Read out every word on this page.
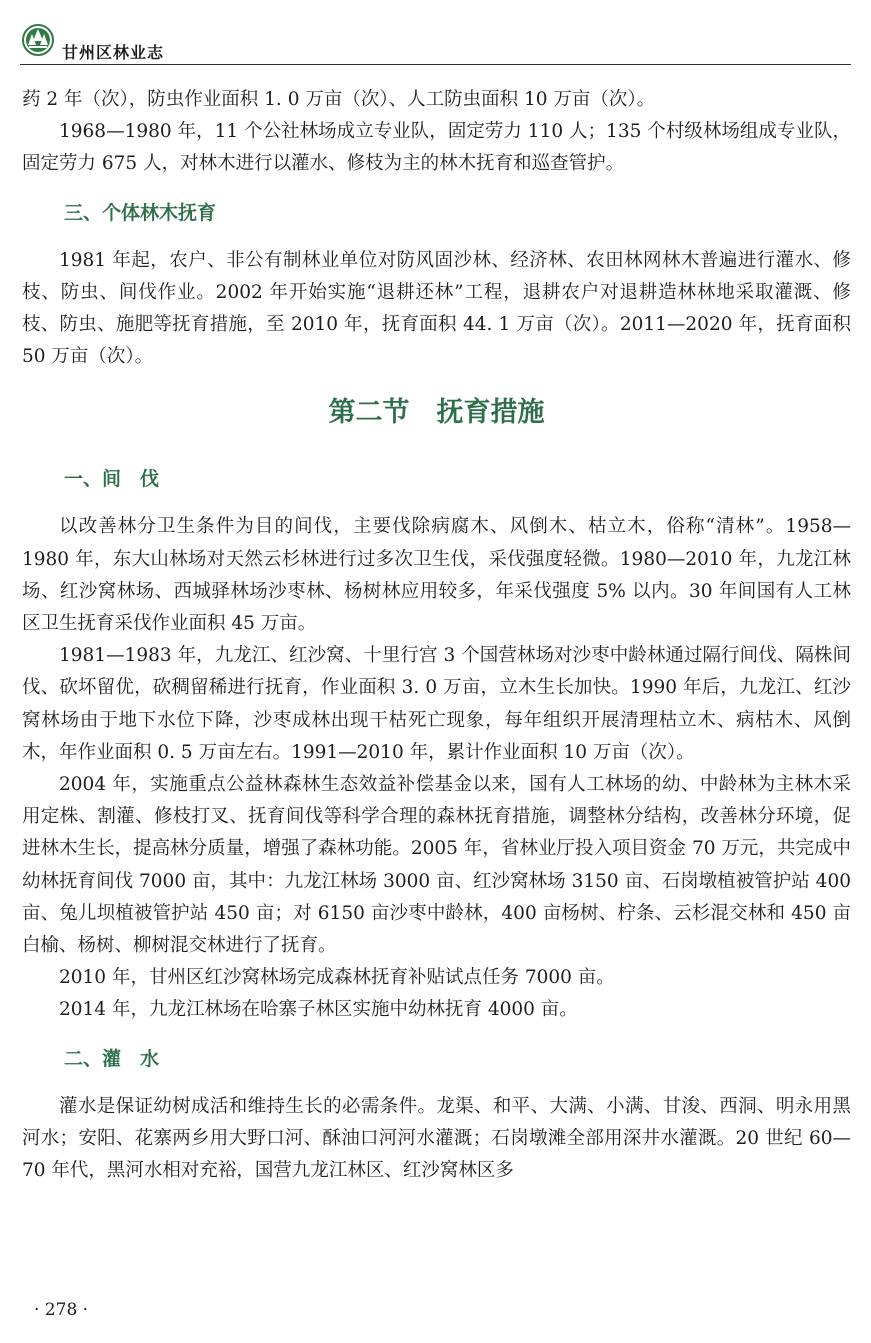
甘州区林业志

药 2 年（次），防虫作业面积 1. 0 万亩（次）、人工防虫面积 10 万亩（次）。

1968—1980 年，11 个公社林场成立专业队，固定劳力 110 人；135 个村级林场组成专业队，固定劳力 675 人，对林木进行以灌水、修枝为主的林木抚育和巡查管护。

三、个体林木抚育

1981 年起，农户、非公有制林业单位对防风固沙林、经济林、农田林网林木普遍进行灌水、修枝、防虫、间伐作业。2002 年开始实施“退耕还林”工程，退耕农户对退耕造林林地采取灌溉、修枝、防虫、施肥等抚育措施，至 2010 年，抚育面积 44. 1 万亩（次）。2011—2020 年，抚育面积 50 万亩（次）。

第二节　抚育措施
一、间　伐

以改善林分卫生条件为目的间伐，主要伐除病腐木、风倒木、枯立木，俗称“清林”。1958—1980 年，东大山林场对天然云杉林进行过多次卫生伐，采伐强度轻微。1980—2010 年，九龙江林场、红沙窝林场、西城驿林场沙枣林、杨树林应用较多，年采伐强度 5% 以内。30 年间国有人工林区卫生抚育采伐作业面积 45 万亩。

1981—1983 年，九龙江、红沙窝、十里行宫 3 个国营林场对沙枣中龄林通过隔行间伐、隔株间伐、砍坏留优，砍稠留稀进行抚育，作业面积 3. 0 万亩，立木生长加快。1990 年后，九龙江、红沙窝林场由于地下水位下降，沙枣成林出现干枯死亡现象，每年组织开展清理枯立木、病枯木、风倒木，年作业面积 0. 5 万亩左右。1991—2010 年，累计作业面积 10 万亩（次）。

2004 年，实施重点公益林森林生态效益补偿基金以来，国有人工林场的幼、中龄林为主林木采用定株、割灌、修枝打叉、抚育间伐等科学合理的森林抚育措施，调整林分结构，改善林分环境，促进林木生长，提高林分质量，增强了森林功能。2005 年，省林业厅投入项目资金 70 万元，共完成中幼林抚育间伐 7000 亩，其中：九龙江林场 3000 亩、红沙窝林场 3150 亩、石岗墩植被管护站 400 亩、兔儿坝植被管护站 450 亩；对 6150 亩沙枣中龄林，400 亩杨树、柠条、云杉混交林和 450 亩白榆、杨树、柳树混交林进行了抚育。

2010 年，甘州区红沙窝林场完成森林抚育补贴试点任务 7000 亩。

2014 年，九龙江林场在哈寨子林区实施中幼林抚育 4000 亩。

二、灌　水

灌水是保证幼树成活和维持生长的必需条件。龙渠、和平、大满、小满、甘浚、西洞、明永用黑河水；安阳、花寨两乡用大野口河、酥油口河河水灌溉；石岗墩滩全部用深井水灌溉。20 世纪 60—70 年代，黑河水相对充裕，国营九龙江林区、红沙窝林区多

· 278 ·
